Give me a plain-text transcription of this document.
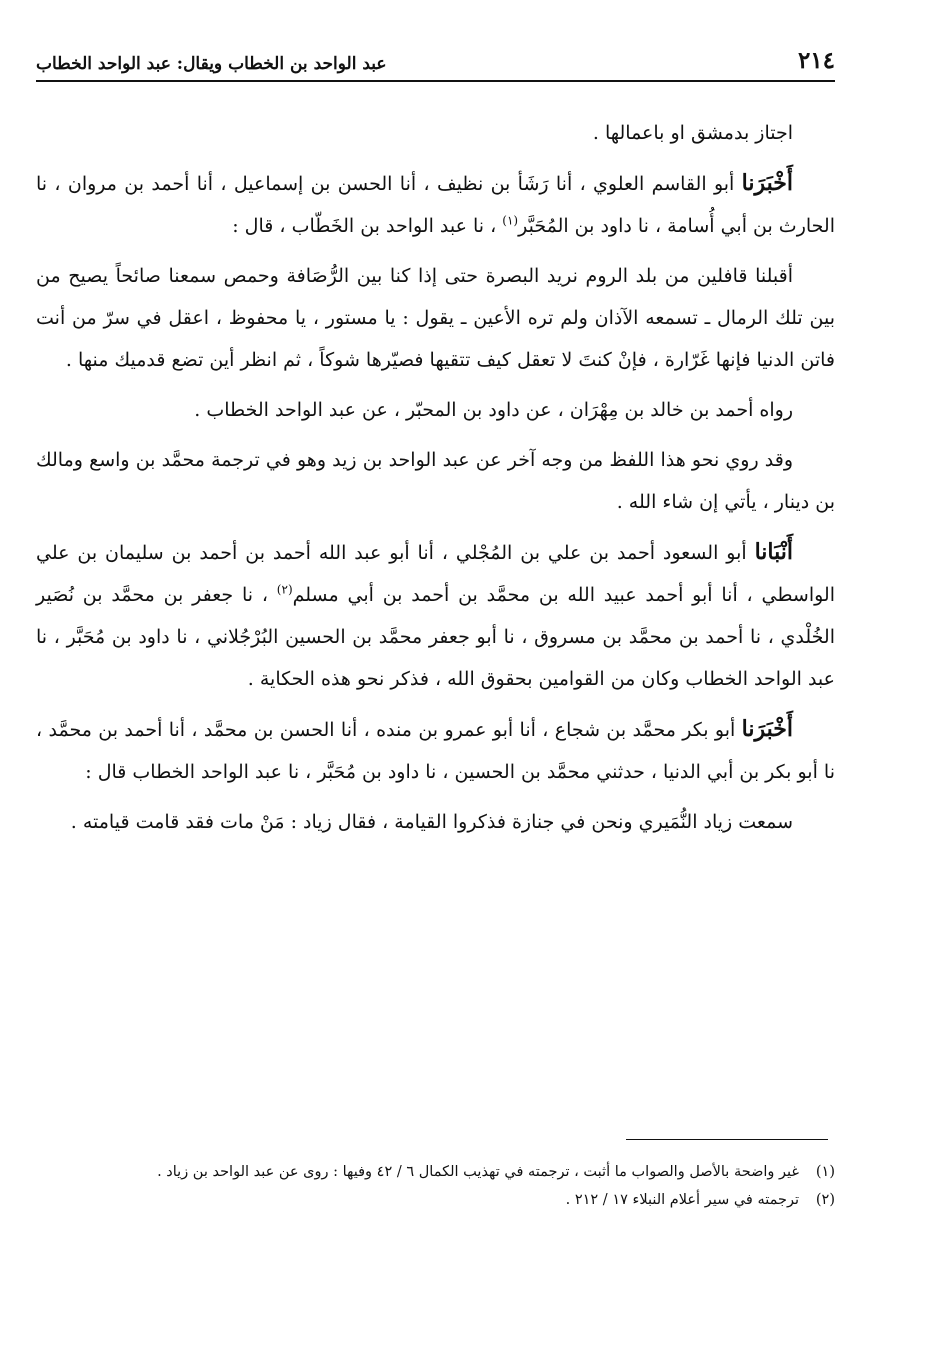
٢١٤
عبد الواحد بن الخطاب ويقال: عبد الواحد الخطاب

اجتاز بدمشق او باعمالها .

أَخْبَرَنا أبو القاسم العلوي ، أنا رَشَأ بن نظيف ، أنا الحسن بن إسماعيل ، أنا أحمد بن مروان ، نا الحارث بن أبي أُسامة ، نا داود بن المُحَبَّر$^{(١)}$ ، نا عبد الواحد بن الخَطّاب ، قال :

أقبلنا قافلين من بلد الروم نريد البصرة حتى إذا كنا بين الرُّصَافة وحمص سمعنا صائحاً يصيح من بين تلك الرمال ـ تسمعه الآذان ولم تره الأعين ـ يقول : يا مستور ، يا محفوظ ، اعقل في سرّ من أنت فاتن الدنيا فإنها غَرّارة ، فإنْ كنتَ لا تعقل كيف تتقيها فصيّرها شوكاً ، ثم انظر أين تضع قدميك منها .

رواه أحمد بن خالد بن مِهْرَان ، عن داود بن المحبّر ، عن عبد الواحد الخطاب .

وقد روي نحو هذا اللفظ من وجه آخر عن عبد الواحد بن زيد وهو في ترجمة محمَّد بن واسع ومالك بن دينار ، يأتي إن شاء الله .

أَنْبَانا أبو السعود أحمد بن علي بن المُجْلي ، أنا أبو عبد الله أحمد بن أحمد بن سليمان بن علي الواسطي ، أنا أبو أحمد عبيد الله بن محمَّد بن أحمد بن أبي مسلم$^{(٢)}$ ، نا جعفر بن محمَّد بن نُصَير الخُلْدي ، نا أحمد بن محمَّد بن مسروق ، نا أبو جعفر محمَّد بن الحسين البُرْجُلاني ، نا داود بن مُحَبَّر ، نا عبد الواحد الخطاب وكان من القوامين بحقوق الله ، فذكر نحو هذه الحكاية .

أَخْبَرَنا أبو بكر محمَّد بن شجاع ، أنا أبو عمرو بن منده ، أنا الحسن بن محمَّد ، أنا أحمد بن محمَّد ، نا أبو بكر بن أبي الدنيا ، حدثني محمَّد بن الحسين ، نا داود بن مُحَبَّر ، نا عبد الواحد الخطاب قال :

سمعت زياد النُّمَيري ونحن في جنازة فذكروا القيامة ، فقال زياد : مَنْ مات فقد قامت قيامته .

(١)
غير واضحة بالأصل والصواب ما أثبت ، ترجمته في تهذيب الكمال ٦ / ٤٢ وفيها : روى عن عبد الواحد بن زياد .

(٢)
ترجمته في سير أعلام النبلاء ١٧ / ٢١٢ .
